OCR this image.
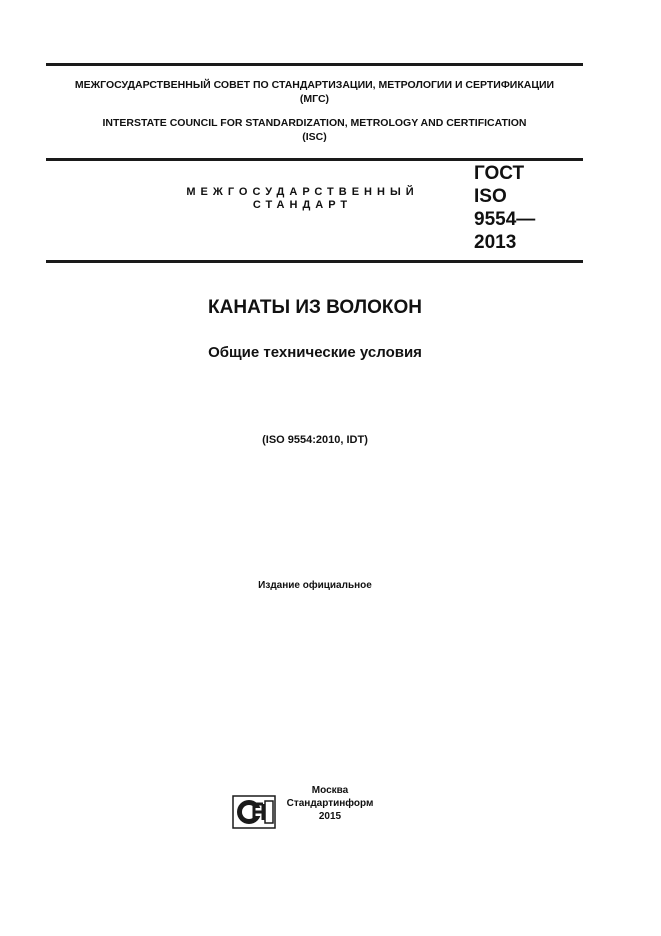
МЕЖГОСУДАРСТВЕННЫЙ СОВЕТ ПО СТАНДАРТИЗАЦИИ, МЕТРОЛОГИИ И СЕРТИФИКАЦИИ
(МГС)
INTERSTATE COUNCIL FOR STANDARDIZATION, METROLOGY AND CERTIFICATION
(ISC)
МЕЖГОСУДАРСТВЕННЫЙ
СТАНДАРТ
ГОСТ
ISO
9554—
2013
КАНАТЫ ИЗ ВОЛОКОН
Общие технические условия
(ISO 9554:2010, IDT)
Издание официальное
Москва
Стандартинформ
2015
